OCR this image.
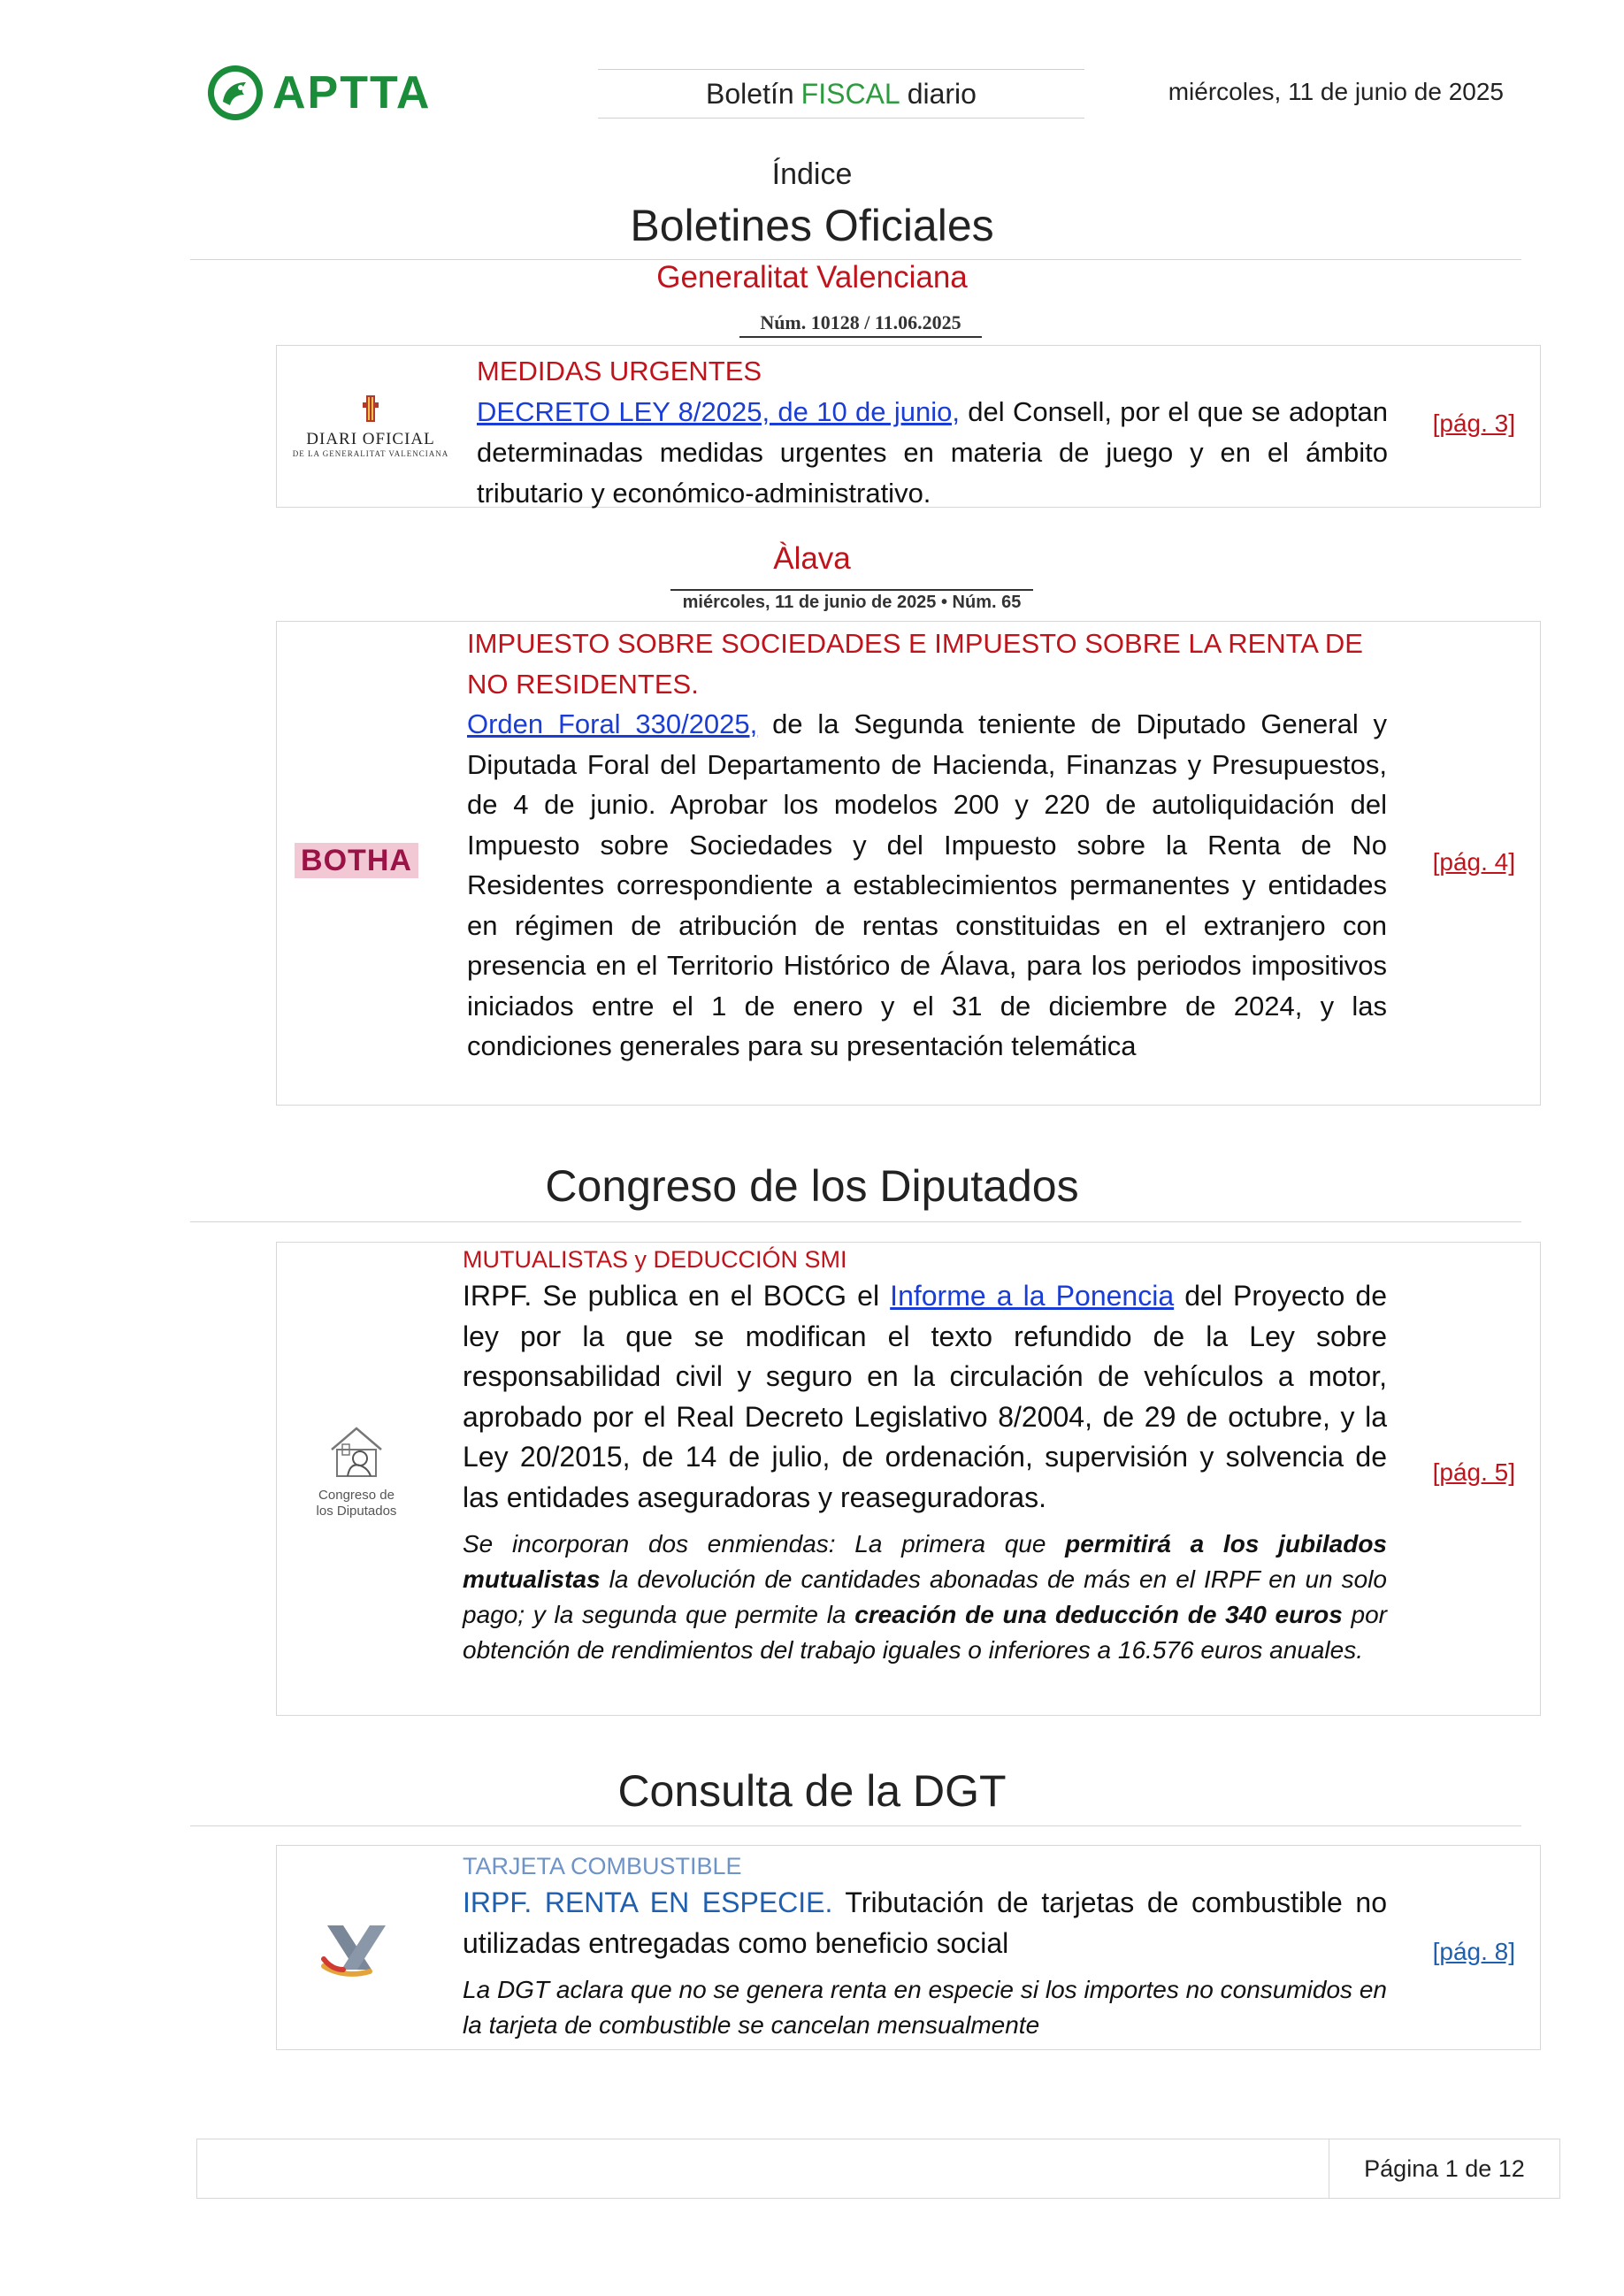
APTTA	Boletín FISCAL diario	miércoles, 11 de junio de 2025
Índice
Boletines Oficiales
Generalitat Valenciana
Núm. 10128 / 11.06.2025
DIARI OFICIAL
DE LA GENERALITAT VALENCIANA
MEDIDAS URGENTES
DECRETO LEY 8/2025, de 10 de junio, del Consell, por el que se adoptan determinadas medidas urgentes en materia de juego y en el ámbito tributario y económico-administrativo.
[pág. 3]
Àlava
miércoles, 11 de junio de 2025 • Núm. 65
BOTHA
IMPUESTO SOBRE SOCIEDADES E IMPUESTO SOBRE LA RENTA DE NO RESIDENTES.
Orden Foral 330/2025, de la Segunda teniente de Diputado General y Diputada Foral del Departamento de Hacienda, Finanzas y Presupuestos, de 4 de junio. Aprobar los modelos 200 y 220 de autoliquidación del Impuesto sobre Sociedades y del Impuesto sobre la Renta de No Residentes correspondiente a establecimientos permanentes y entidades en régimen de atribución de rentas constituidas en el extranjero con presencia en el Territorio Histórico de Álava, para los periodos impositivos iniciados entre el 1 de enero y el 31 de diciembre de 2024, y las condiciones generales para su presentación telemática
[pág. 4]
Congreso de los Diputados
Congreso de
los Diputados
MUTUALISTAS y DEDUCCIÓN SMI
IRPF. Se publica en el BOCG el Informe a la Ponencia del Proyecto de ley por la que se modifican el texto refundido de la Ley sobre responsabilidad civil y seguro en la circulación de vehículos a motor, aprobado por el Real Decreto Legislativo 8/2004, de 29 de octubre, y la Ley 20/2015, de 14 de julio, de ordenación, supervisión y solvencia de las entidades aseguradoras y reaseguradoras.
Se incorporan dos enmiendas: La primera que permitirá a los jubilados mutualistas la devolución de cantidades abonadas de más en el IRPF en un solo pago; y la segunda que permite la creación de una deducción de 340 euros por obtención de rendimientos del trabajo iguales o inferiores a 16.576 euros anuales.
[pág. 5]
Consulta de la DGT
TARJETA COMBUSTIBLE
IRPF. RENTA EN ESPECIE. Tributación de tarjetas de combustible no utilizadas entregadas como beneficio social
La DGT aclara que no se genera renta en especie si los importes no consumidos en la tarjeta de combustible se cancelan mensualmente
[pág. 8]
Página 1 de 12
